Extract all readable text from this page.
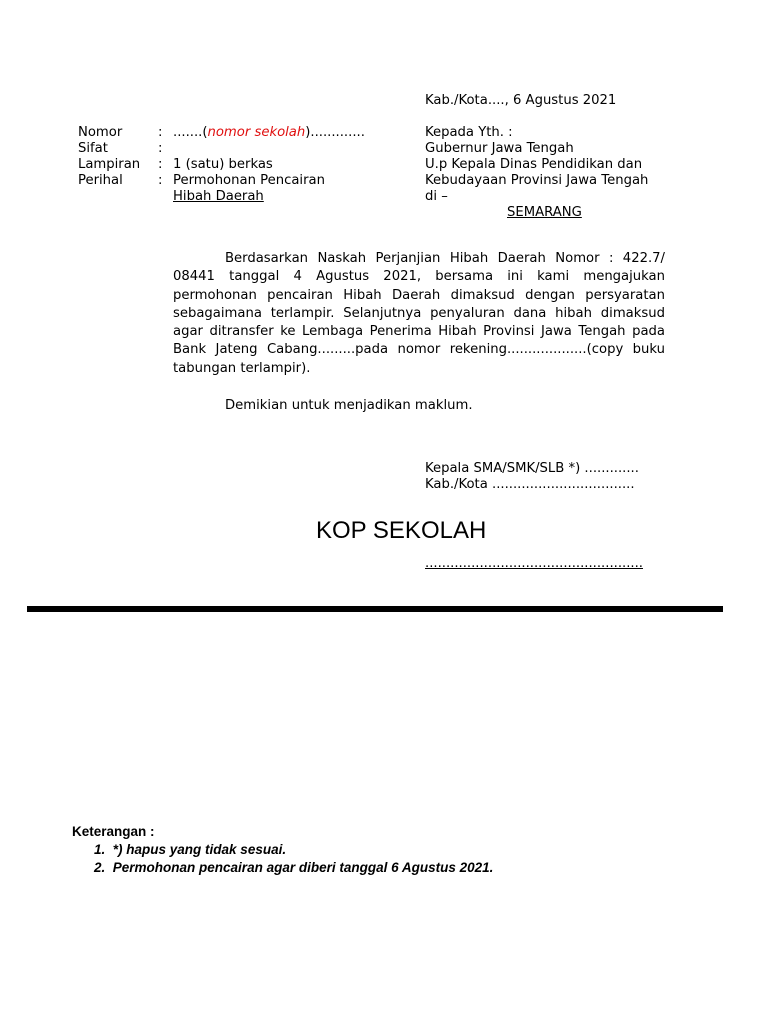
Kab./Kota...., 6 Agustus 2021
Nomor	: .......(nomor sekolah).............
Sifat	:
Lampiran	: 1 (satu) berkas
Perihal	: Permohonan Pencairan
Hibah Daerah
Kepada Yth. :
Gubernur Jawa Tengah
U.p Kepala Dinas Pendidikan dan
Kebudayaan Provinsi Jawa Tengah
di –
SEMARANG
Berdasarkan Naskah Perjanjian Hibah Daerah Nomor : 422.7/ 08441 tanggal 4 Agustus 2021, bersama ini kami mengajukan permohonan pencairan Hibah Daerah dimaksud dengan persyaratan sebagaimana terlampir. Selanjutnya penyaluran dana hibah dimaksud agar ditransfer ke Lembaga Penerima Hibah Provinsi Jawa Tengah pada Bank Jateng Cabang.........pada nomor rekening...................(copy buku tabungan terlampir).
Demikian untuk menjadikan maklum.
Kepala SMA/SMK/SLB *) .............
Kab./Kota ..................................
....................................................
KOP SEKOLAH
Keterangan :
1. *) hapus yang tidak sesuai.
2. Permohonan pencairan agar diberi tanggal 6 Agustus 2021.
